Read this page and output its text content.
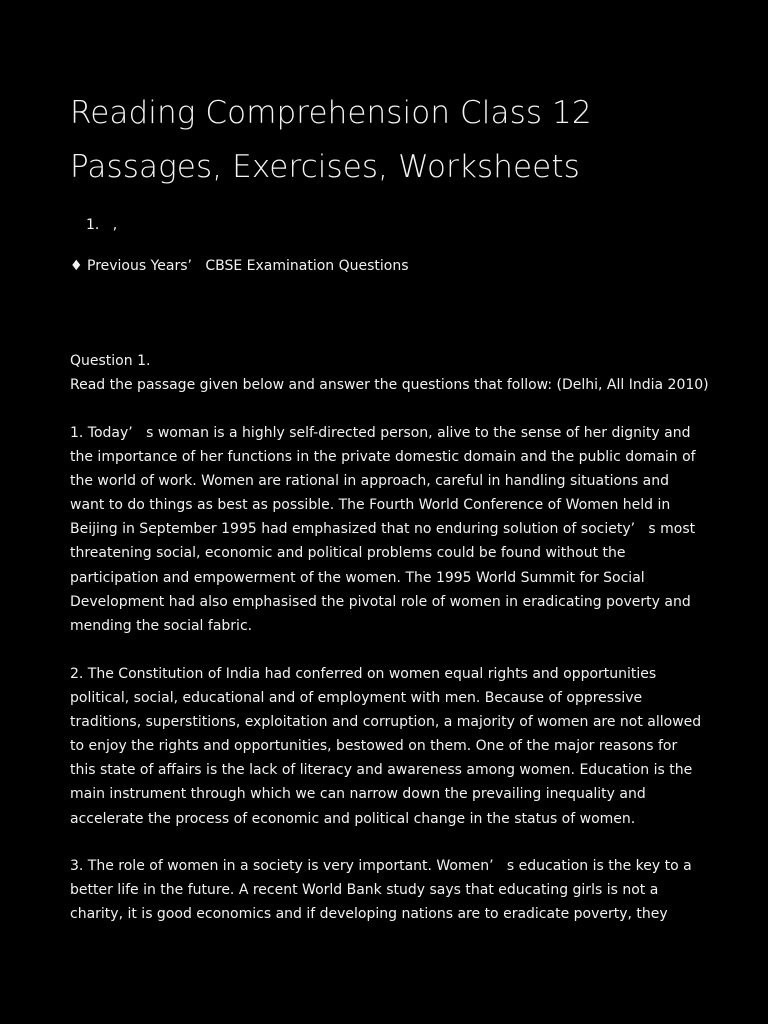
Reading Comprehension Class 12
Passages, Exercises, Worksheets
1.   ,
♦ Previous Years’   CBSE Examination Questions

Question 1.

Read the passage given below and answer the questions that follow: (Delhi, All India 2010)

1. Today’   s woman is a highly self-directed person, alive to the sense of her dignity and
the importance of her functions in the private domestic domain and the public domain of
the world of work. Women are rational in approach, careful in handling situations and
want to do things as best as possible. The Fourth World Conference of Women held in
Beijing in September 1995 had emphasized that no enduring solution of society’   s most
threatening social, economic and political problems could be found without the
participation and empowerment of the women. The 1995 World Summit for Social
Development had also emphasised the pivotal role of women in eradicating poverty and
mending the social fabric.
2. The Constitution of India had conferred on women equal rights and opportunities
political, social, educational and of employment with men. Because of oppressive
traditions, superstitions, exploitation and corruption, a majority of women are not allowed
to enjoy the rights and opportunities, bestowed on them. One of the major reasons for
this state of affairs is the lack of literacy and awareness among women. Education is the
main instrument through which we can narrow down the prevailing inequality and
accelerate the process of economic and political change in the status of women.
3. The role of women in a society is very important. Women’   s education is the key to a
better life in the future. A recent World Bank study says that educating girls is not a
charity, it is good economics and if developing nations are to eradicate poverty, they
